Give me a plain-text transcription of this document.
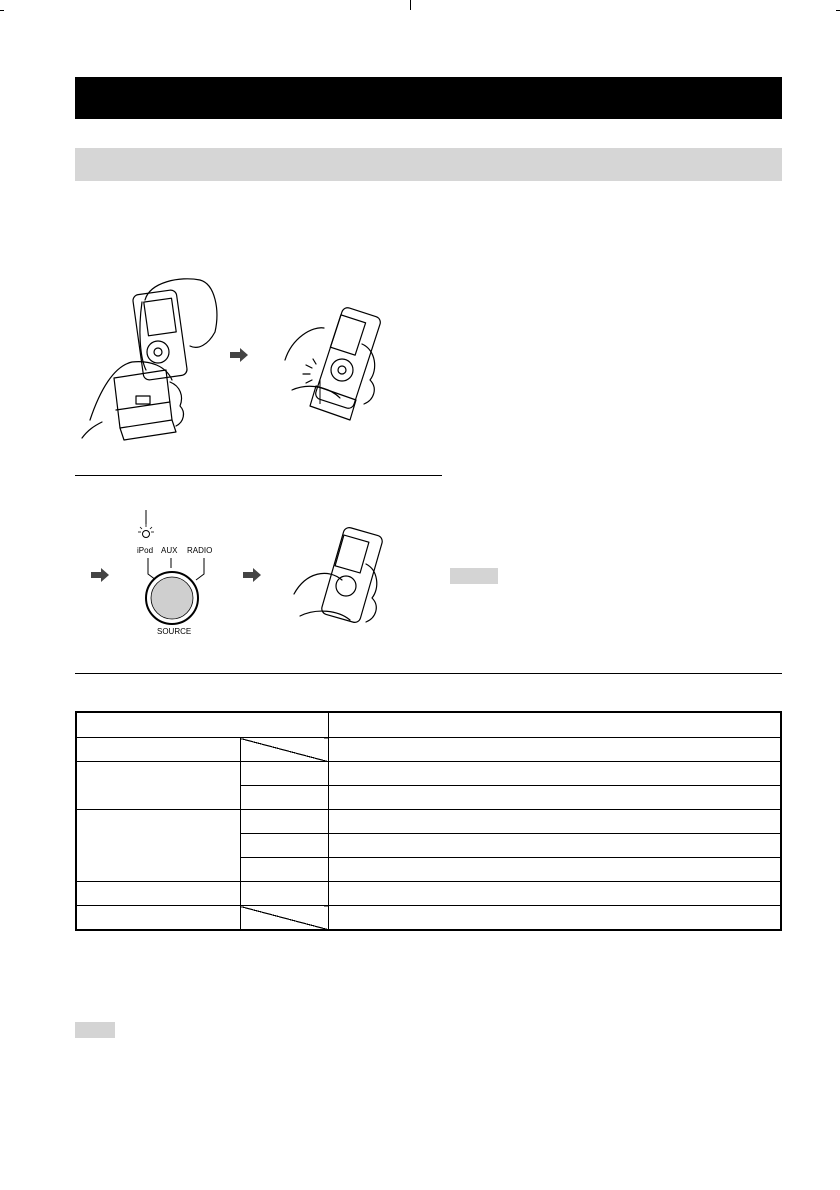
iPod AUX RADIO
SOURCE
